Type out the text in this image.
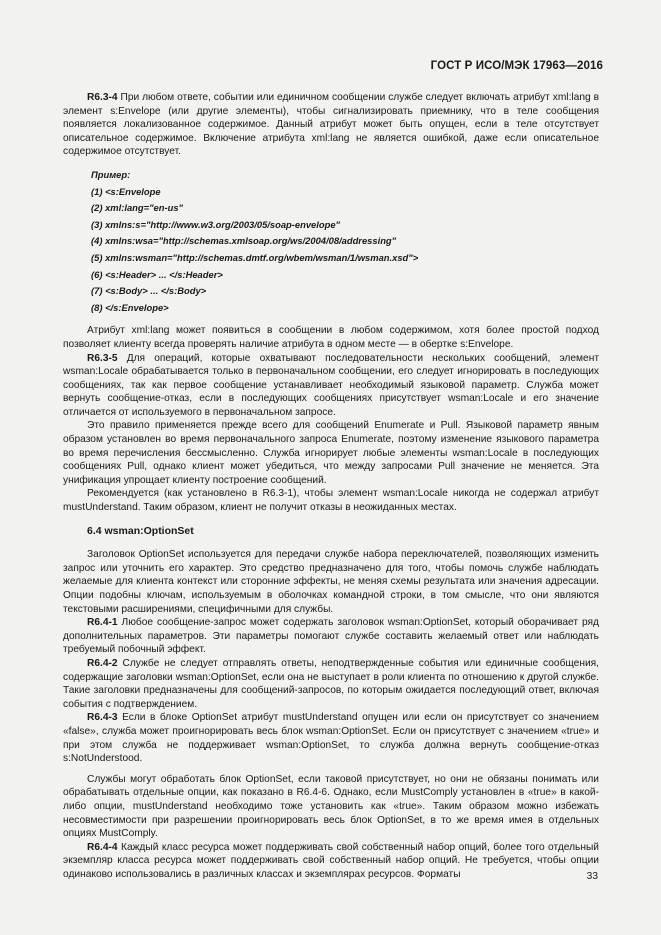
ГОСТ Р ИСО/МЭК 17963—2016

R6.3-4 При любом ответе, событии или единичном сообщении службе следует включать атрибут xml:lang в элемент s:Envelope (или другие элементы), чтобы сигнализировать приемнику, что в теле сообщения появляется локализованное содержимое. Данный атрибут может быть опущен, если в теле отсутствует описательное содержимое. Включение атрибута xml:lang не является ошибкой, даже если описательное содержимое отсутствует.

Пример:
(1) <s:Envelope
(2) xml:lang="en-us"
(3) xmlns:s="http://www.w3.org/2003/05/soap-envelope"
(4) xmlns:wsa="http://schemas.xmlsoap.org/ws/2004/08/addressing"
(5) xmlns:wsman="http://schemas.dmtf.org/wbem/wsman/1/wsman.xsd">
(6) <s:Header> ... </s:Header>
(7) <s:Body> ... </s:Body>
(8) </s:Envelope>

Атрибут xml:lang может появиться в сообщении в любом содержимом, хотя более простой подход позволяет клиенту всегда проверять наличие атрибута в одном месте — в обертке s:Envelope.

R6.3-5 Для операций, которые охватывают последовательности нескольких сообщений, элемент wsman:Locale обрабатывается только в первоначальном сообщении, его следует игнорировать в последующих сообщениях, так как первое сообщение устанавливает необходимый языковой параметр. Служба может вернуть сообщение-отказ, если в последующих сообщениях присутствует wsman:Locale и его значение отличается от используемого в первоначальном запросе.

Это правило применяется прежде всего для сообщений Enumerate и Pull. Языковой параметр явным образом установлен во время первоначального запроса Enumerate, поэтому изменение языкового параметра во время перечисления бессмысленно. Служба игнорирует любые элементы wsman:Locale в последующих сообщениях Pull, однако клиент может убедиться, что между запросами Pull значение не меняется. Эта унификация упрощает клиенту построение сообщений.

Рекомендуется (как установлено в R6.3-1), чтобы элемент wsman:Locale никогда не содержал атрибут mustUnderstand. Таким образом, клиент не получит отказы в неожиданных местах.

6.4 wsman:OptionSet

Заголовок OptionSet используется для передачи службе набора переключателей, позволяющих изменить запрос или уточнить его характер. Это средство предназначено для того, чтобы помочь службе наблюдать желаемые для клиента контекст или сторонние эффекты, не меняя схемы результата или значения адресации. Опции подобны ключам, используемым в оболочках командной строки, в том смысле, что они являются текстовыми расширениями, специфичными для службы.

R6.4-1 Любое сообщение-запрос может содержать заголовок wsman:OptionSet, который оборачивает ряд дополнительных параметров. Эти параметры помогают службе составить желаемый ответ или наблюдать требуемый побочный эффект.

R6.4-2 Службе не следует отправлять ответы, неподтвержденные события или единичные сообщения, содержащие заголовки wsman:OptionSet, если она не выступает в роли клиента по отношению к другой службе. Такие заголовки предназначены для сообщений-запросов, по которым ожидается последующий ответ, включая события с подтверждением.

R6.4-3 Если в блоке OptionSet атрибут mustUnderstand опущен или если он присутствует со значением «false», служба может проигнорировать весь блок wsman:OptionSet. Если он присутствует с значением «true» и при этом служба не поддерживает wsman:OptionSet, то служба должна вернуть сообщение-отказ s:NotUnderstood.

Службы могут обработать блок OptionSet, если таковой присутствует, но они не обязаны понимать или обрабатывать отдельные опции, как показано в R6.4-6. Однако, если MustComply установлен в «true» в какой-либо опции, mustUnderstand необходимо тоже установить как «true». Таким образом можно избежать несовместимости при разрешении проигнорировать весь блок OptionSet, в то же время имея в отдельных опциях MustComply.

R6.4-4 Каждый класс ресурса может поддерживать свой собственный набор опций, более того отдельный экземпляр класса ресурса может поддерживать свой собственный набор опций. Не требуется, чтобы опции одинаково использовались в различных классах и экземплярах ресурсов. Форматы	33
